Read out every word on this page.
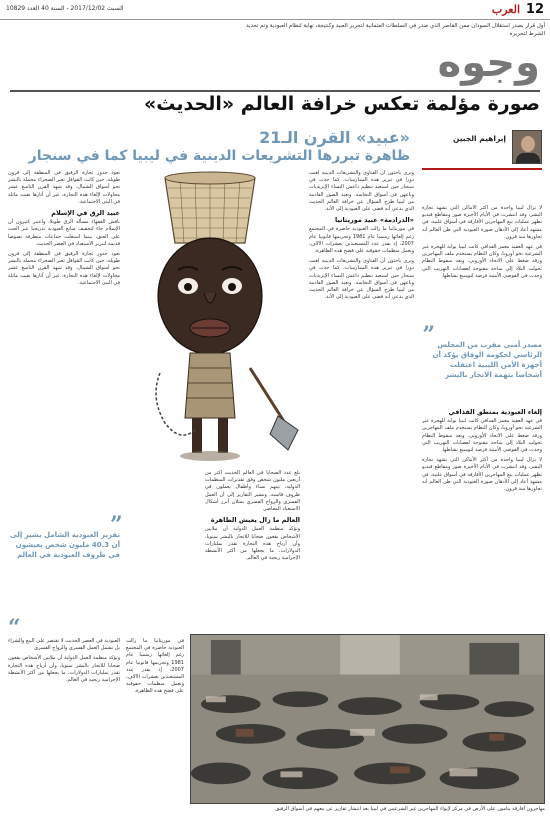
12
العرب
السبت 2017/12/02 - السنة 40 العدد 10829
أول قرار يصدر استقلال السودان ممن القاصر الذي صدر في السلطات العثمانية لتحرير العبيد وكنتيجة، نهاية لنظام العبودية وتم تحديد الشرط لتحريره
وجوه
صورة مؤلمة تعكس خرافة العالم «الحديث»
إبراهيم الجبين
«عبيد» القرن الـ21
ظاهرة تبررها التشريعات الدينية في ليبيا كما في سنجار

لا تزال ليبيا واحدة من أكثر الأماكن التي تشهد تجارة البشر، وقد انتشرت في الأيام الأخيرة صور ومقاطع فيديو تظهر عمليات بيع المهاجرين الأفارقة في أسواق علنية، في مشهد أعاد إلى الأذهان صورة العبودية التي ظن العالم أنه تجاوزها منذ قرون.

في عهد العقيد معمر القذافي كانت ليبيا بوابة للهجرة غير الشرعية نحو أوروبا، وكان النظام يستخدم ملف المهاجرين ورقة ضغط على الاتحاد الأوروبي. وبعد سقوط النظام تحولت البلاد إلى ساحة مفتوحة لعصابات التهريب التي وجدت في الفوضى الأمنية فرصة لتوسيع نشاطها.

” مصدر أمني مقرب من المجلس الرئاسي لحكومة الوفاق يؤكد أن أجهزة الأمن الليبية اعتقلت أشخاصا بتهمة الاتجار بالبشر
إلغاء العبودية بمنطق القذافي

في عهد العقيد معمر القذافي كانت ليبيا بوابة للهجرة غير الشرعية نحو أوروبا، وكان النظام يستخدم ملف المهاجرين ورقة ضغط على الاتحاد الأوروبي. وبعد سقوط النظام تحولت البلاد إلى ساحة مفتوحة لعصابات التهريب التي وجدت في الفوضى الأمنية فرصة لتوسيع نشاطها.

لا تزال ليبيا واحدة من أكثر الأماكن التي تشهد تجارة البشر، وقد انتشرت في الأيام الأخيرة صور ومقاطع فيديو تظهر عمليات بيع المهاجرين الأفارقة في أسواق علنية، في مشهد أعاد إلى الأذهان صورة العبودية التي ظن العالم أنه تجاوزها منذ قرون.

ويرى باحثون أن الفتاوى والتشريعات الدينية لعبت دورا في تبرير هذه الممارسات، كما حدث في سنجار حين استعبد تنظيم داعش النساء الإيزيديات وباعهن في أسواق النخاسة. وتعيد الصور القادمة من ليبيا طرح السؤال عن خرافة العالم الحديث الذي يدعي أنه قضى على العبودية إلى الأبد.

«الدرادمة» عبيد موريتانيا

في موريتانيا ما زالت العبودية حاضرة في المجتمع رغم إلغائها رسميا عام 1981 وتجريمها قانونيا عام 2007، إذ يقدر عدد المستعبدين بعشرات الآلاف، وتعمل منظمات حقوقية على فضح هذه الظاهرة.

ويرى باحثون أن الفتاوى والتشريعات الدينية لعبت دورا في تبرير هذه الممارسات، كما حدث في سنجار حين استعبد تنظيم داعش النساء الإيزيديات وباعهن في أسواق النخاسة. وتعيد الصور القادمة من ليبيا طرح السؤال عن خرافة العالم الحديث الذي يدعي أنه قضى على العبودية إلى الأبد.

بلغ عدد الضحايا في العالم الحديث أكثر من أربعين مليون شخص وفق تقديرات المنظمات الدولية، بينهم نساء وأطفال يعملون في ظروف قاسية. وتشير التقارير إلى أن العمل القسري والزواج القسري يمثلان أبرز أشكال الاستعباد المعاصر.

العالم ما زال يعيش الظاهرة

وتؤكد منظمة العمل الدولية أن ملايين الأشخاص يقعون ضحايا للاتجار بالبشر سنويا، وأن أرباح هذه التجارة تقدر بمليارات الدولارات، ما يجعلها من أكثر الأنشطة الإجرامية ربحية في العالم.

تعود جذور تجارة الرقيق في المنطقة إلى قرون طويلة، حين كانت القوافل تعبر الصحراء محملة بالبشر نحو أسواق الشمال. وقد شهد القرن التاسع عشر محاولات لإلغاء هذه التجارة، غير أن آثارها بقيت ماثلة في البنى الاجتماعية.

عبيد الرق في الإسلام

ناقش الفقهاء مسألة الرق طويلا، واعتبر كثيرون أن الإسلام جاء لتجفيف منابع العبودية تدريجيا عبر الحث على العتق، بينما استغلت جماعات متطرفة نصوصا قديمة لتبرير الاستعباد في العصر الحديث.

تعود جذور تجارة الرقيق في المنطقة إلى قرون طويلة، حين كانت القوافل تعبر الصحراء محملة بالبشر نحو أسواق الشمال. وقد شهد القرن التاسع عشر محاولات لإلغاء هذه التجارة، غير أن آثارها بقيت ماثلة في البنى الاجتماعية.

”
تقرير العبودية الشامل يشير إلى أن 40.3 مليون شخص يعيشون في ظروف العبودية في العالم
“

العبودية في العصر الحديث لا تقتصر على البيع والشراء بل تشمل العمل القسري والزواج القسري

وتؤكد منظمة العمل الدولية أن ملايين الأشخاص يقعون ضحايا للاتجار بالبشر سنويا، وأن أرباح هذه التجارة تقدر بمليارات الدولارات، ما يجعلها من أكثر الأنشطة الإجرامية ربحية في العالم.

في موريتانيا ما زالت العبودية حاضرة في المجتمع رغم إلغائها رسميا عام 1981 وتجريمها قانونيا عام 2007، إذ يقدر عدد المستعبدين بعشرات الآلاف، وتعمل منظمات حقوقية على فضح هذه الظاهرة.

مهاجرون أفارقة ينامون على الأرض في مركز لإيواء المهاجرين غير الشرعيين في ليبيا بعد انتشار تقارير عن بيعهم في أسواق الرقيق
